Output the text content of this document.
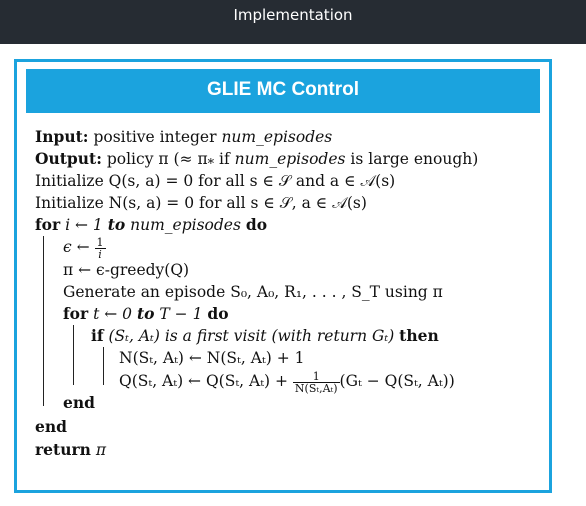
Implementation
GLIE MC Control
Input: positive integer num_episodes
Output: policy π (≈ $\pi_*$ if num_episodes is large enough)
Initialize Q(s, a) = 0 for all s ∈ 𝒮 and a ∈ 𝒜(s)
Initialize N(s, a) = 0 for all s ∈ 𝒮, a ∈ 𝒜(s)
for i ← 1 to num_episodes do
ϵ ← $\frac{1}{i}$
π ← ϵ-greedy(Q)
Generate an episode S₀, A₀, R₁, . . . , S_T using π
for t ← 0 to T − 1 do
if (Sₜ, Aₜ) is a first visit (with return Gₜ) then
N(Sₜ, Aₜ) ← N(Sₜ, Aₜ) + 1
Q(Sₜ, Aₜ) ← Q(Sₜ, $A_t) + \frac{1}{\text{N(Sₜ,Aₜ)}} (G_t - Q(S_t$, Aₜ))
end
end
return π
